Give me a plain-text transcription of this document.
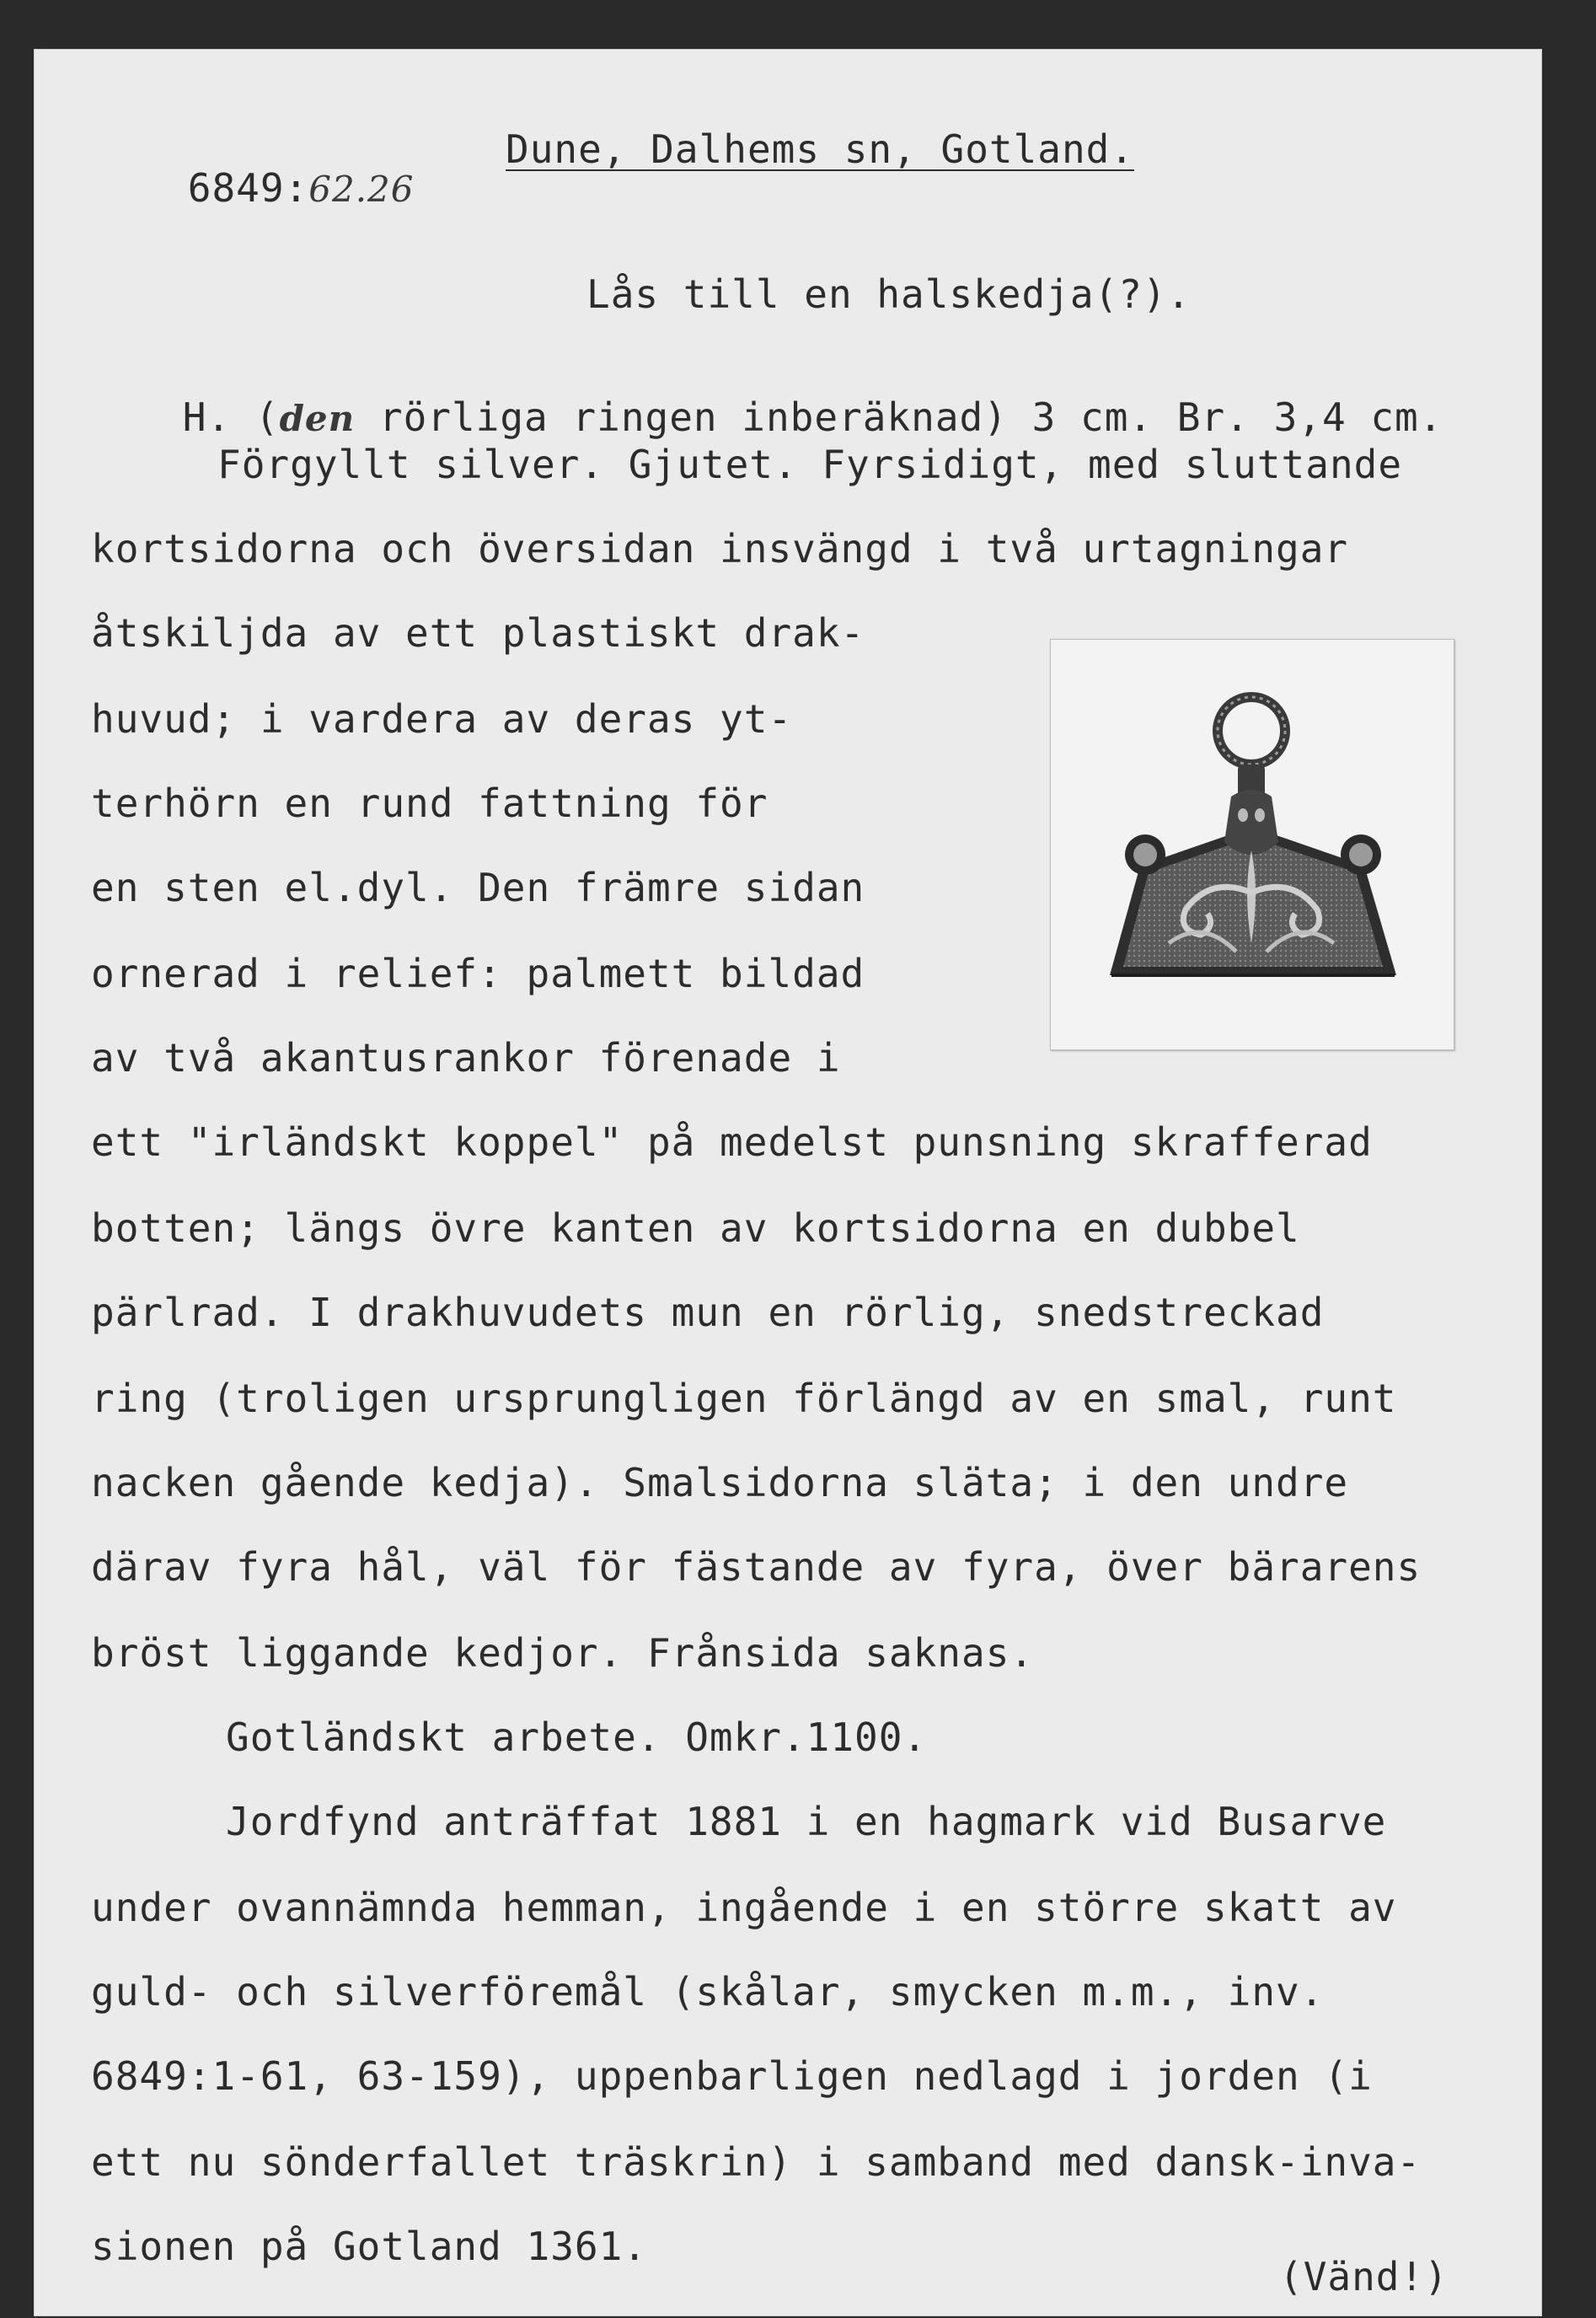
6849:62.26

Dune, Dalhems sn, Gotland.
Lås till en halskedja(?).

H. (den rörliga ringen inberäknad) 3 cm. Br. 3,4 cm.

Förgyllt silver. Gjutet. Fyrsidigt, med sluttande
kortsidorna och översidan insvängd i två urtagningar
åtskiljda av ett plastiskt drak-
huvud; i vardera av deras yt-
terhörn en rund fattning för
en sten el.dyl. Den främre sidan
ornerad i relief: palmett bildad
av två akantusrankor förenade i
ett "irländskt koppel" på medelst punsning skrafferad
botten; längs övre kanten av kortsidorna en dubbel
pärlrad. I drakhuvudets mun en rörlig, snedstreckad
ring (troligen ursprungligen förlängd av en smal, runt
nacken gående kedja). Smalsidorna släta; i den undre
därav fyra hål, väl för fästande av fyra, över bärarens
bröst liggande kedjor. Frånsida saknas.
Gotländskt arbete. Omkr.1100.
Jordfynd anträffat 1881 i en hagmark vid Busarve
under ovannämnda hemman, ingående i en större skatt av
guld- och silverföremål (skålar, smycken m.m., inv.
6849:1-61, 63-159), uppenbarligen nedlagd i jorden (i
ett nu sönderfallet träskrin) i samband med dansk-inva-
sionen på Gotland 1361.
(Vänd!)
